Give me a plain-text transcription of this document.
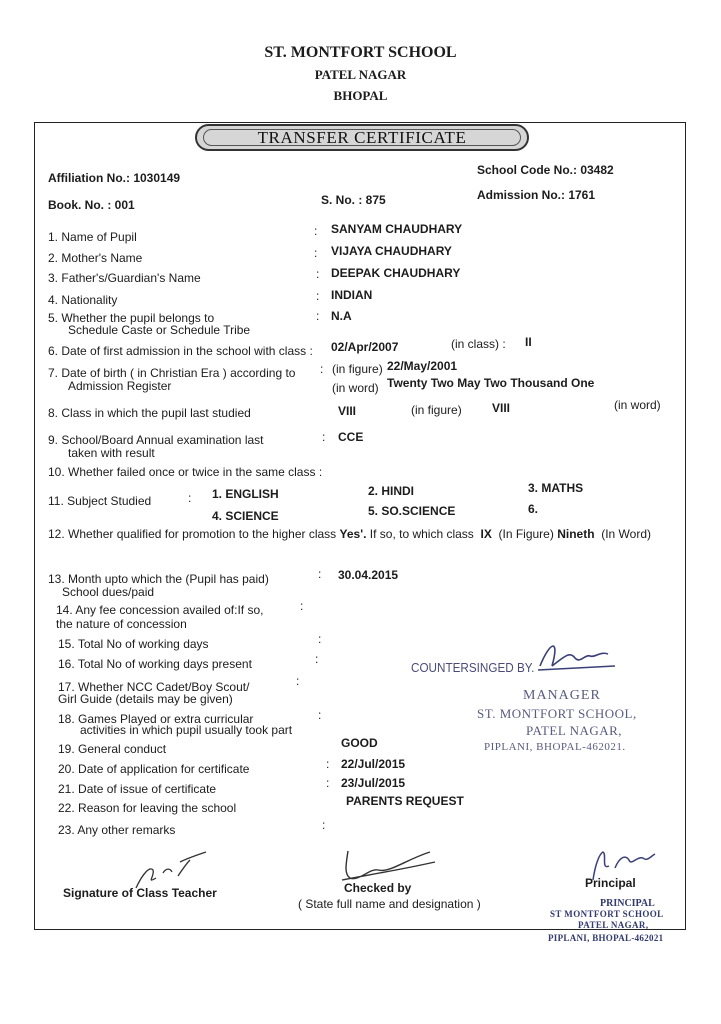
ST. MONTFORT SCHOOL
PATEL NAGAR
BHOPAL
TRANSFER CERTIFICATE
Affiliation No.: 1030149
School Code No.: 03482
Book. No. : 001	S. No. : 875	Admission No.: 1761
1. Name of Pupil	: SANYAM CHAUDHARY
2. Mother's Name	: VIJAYA CHAUDHARY
3. Father's/Guardian's Name	: DEEPAK CHAUDHARY
4. Nationality	: INDIAN
5. Whether the pupil belongs to
Schedule Caste or Schedule Tribe
: N.A
6. Date of first admission in the school with class : 02/Apr/2007	(in class) : II
7. Date of birth ( in Christian Era ) according to
Admission Register
: (in figure) 22/May/2001
(in word) Twenty Two May Two Thousand One
8. Class in which the pupil last studied	VIII	(in figure)	VIII	(in word)
9. School/Board Annual examination last
taken with result
: CCE
10. Whether failed once or twice in the same class :
11. Subject Studied	: 1. ENGLISH	2. HINDI	3. MATHS
4. SCIENCE	5. SO.SCIENCE	6.
12. Whether qualified for promotion to the higher class Yes'. If so, to which class IX (In Figure) Nineth (In Word)
13. Month upto which the (Pupil has paid)
School dues/paid
: 30.04.2015
14. Any fee concession availed of:If so,
the nature of concession
:
15. Total No of working days	:
16. Total No of working days present	:
17. Whether NCC Cadet/Boy Scout/
Girl Guide (details may be given)
:
18. Games Played or extra curricular
activities in which pupil usually took part
:
19. General conduct	GOOD
20. Date of application for certificate	: 22/Jul/2015
21. Date of issue of certificate	: 23/Jul/2015
22. Reason for leaving the school	PARENTS REQUEST
23. Any other remarks	:
COUNTERSINGED BY.
MANAGER
ST. MONTFORT SCHOOL,
PATEL NAGAR,
PIPLANI, BHOPAL-462021.
Signature of Class Teacher	Checked by
( State full name and designation )
Principal
PRINCIPAL
ST MONTFORT SCHOOL
PATEL NAGAR,
PIPLANI, BHOPAL-462021
